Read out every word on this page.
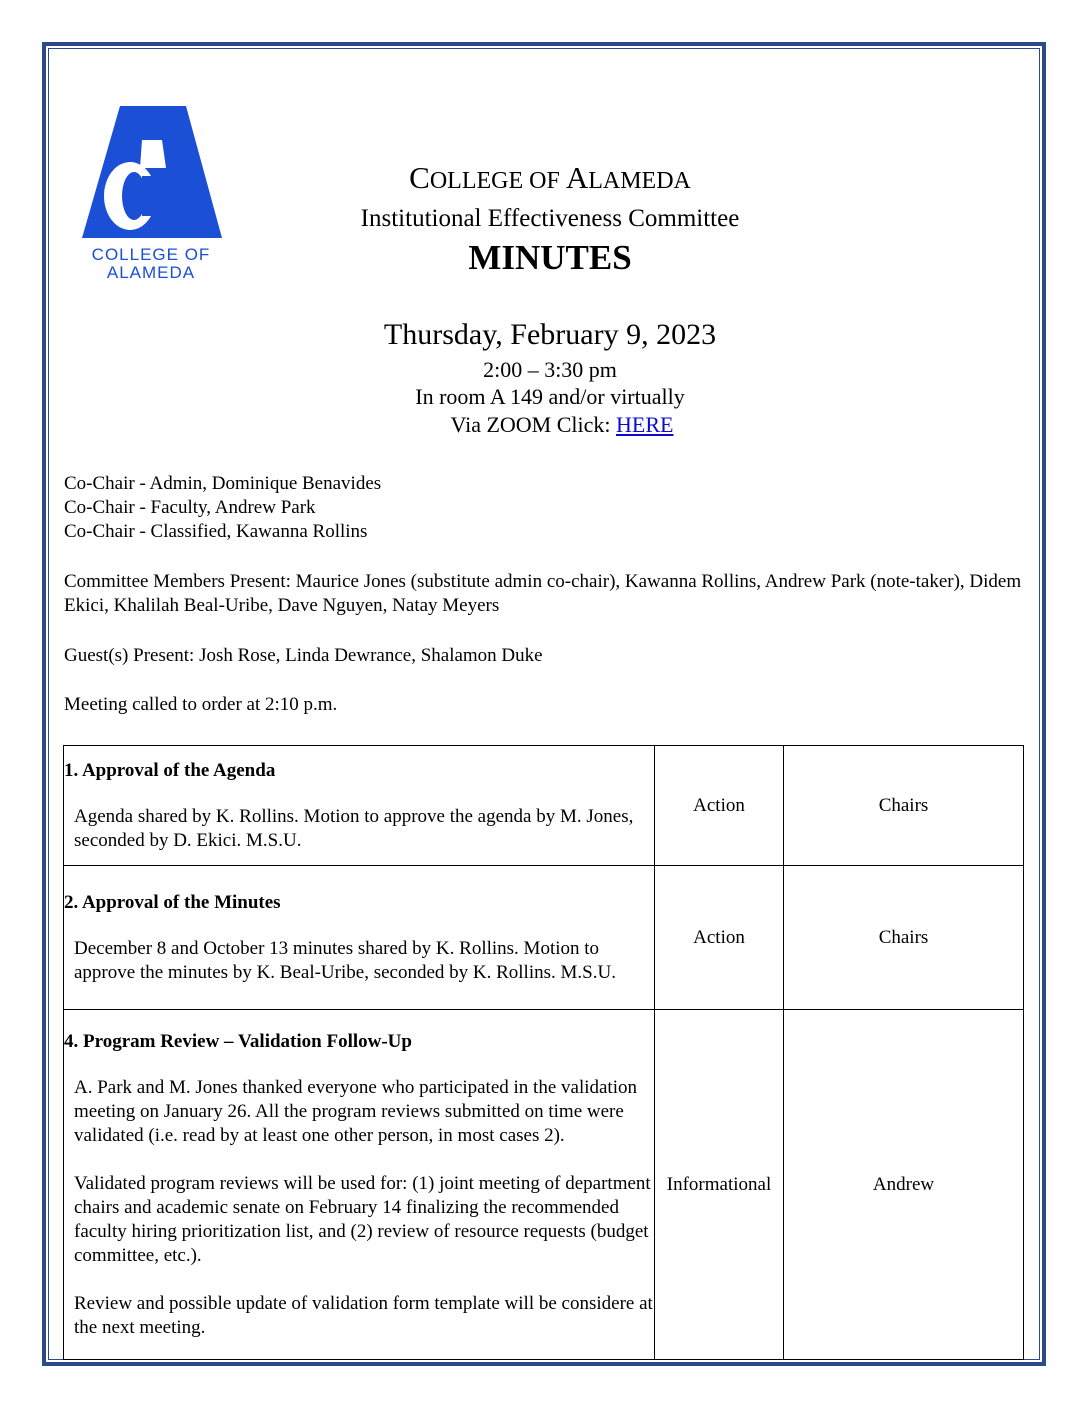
COLLEGE OF
ALAMEDA
COLLEGE OF ALAMEDA
Institutional Effectiveness Committee
MINUTES
Thursday, February 9, 2023
2:00 – 3:30 pm
In room A 149 and/or virtually
Via ZOOM Click: HERE
Co-Chair - Admin, Dominique Benavides
Co-Chair - Faculty, Andrew Park
Co-Chair - Classified, Kawanna Rollins
Committee Members Present: Maurice Jones (substitute admin co-chair), Kawanna Rollins, Andrew Park (note-taker), Didem Ekici, Khalilah Beal-Uribe, Dave Nguyen, Natay Meyers
Guest(s) Present: Josh Rose, Linda Dewrance, Shalamon Duke
Meeting called to order at 2:10 p.m.
1. Approval of the Agenda

Agenda shared by K. Rollins. Motion to approve the agenda by M. Jones, seconded by D. Ekici. M.S.U.	Action	Chairs

2. Approval of the Minutes

December 8 and October 13 minutes shared by K. Rollins. Motion to approve the minutes by K. Beal-Uribe, seconded by K. Rollins. M.S.U.	Action	Chairs

4. Program Review – Validation Follow-Up

A. Park and M. Jones thanked everyone who participated in the validation meeting on January 26. All the program reviews submitted on time were validated (i.e. read by at least one other person, in most cases 2).

Validated program reviews will be used for: (1) joint meeting of department chairs and academic senate on February 14 finalizing the recommended faculty hiring prioritization list, and (2) review of resource requests (budget committee, etc.).

Review and possible update of validation form template will be considere at the next meeting.	Informational	Andrew
